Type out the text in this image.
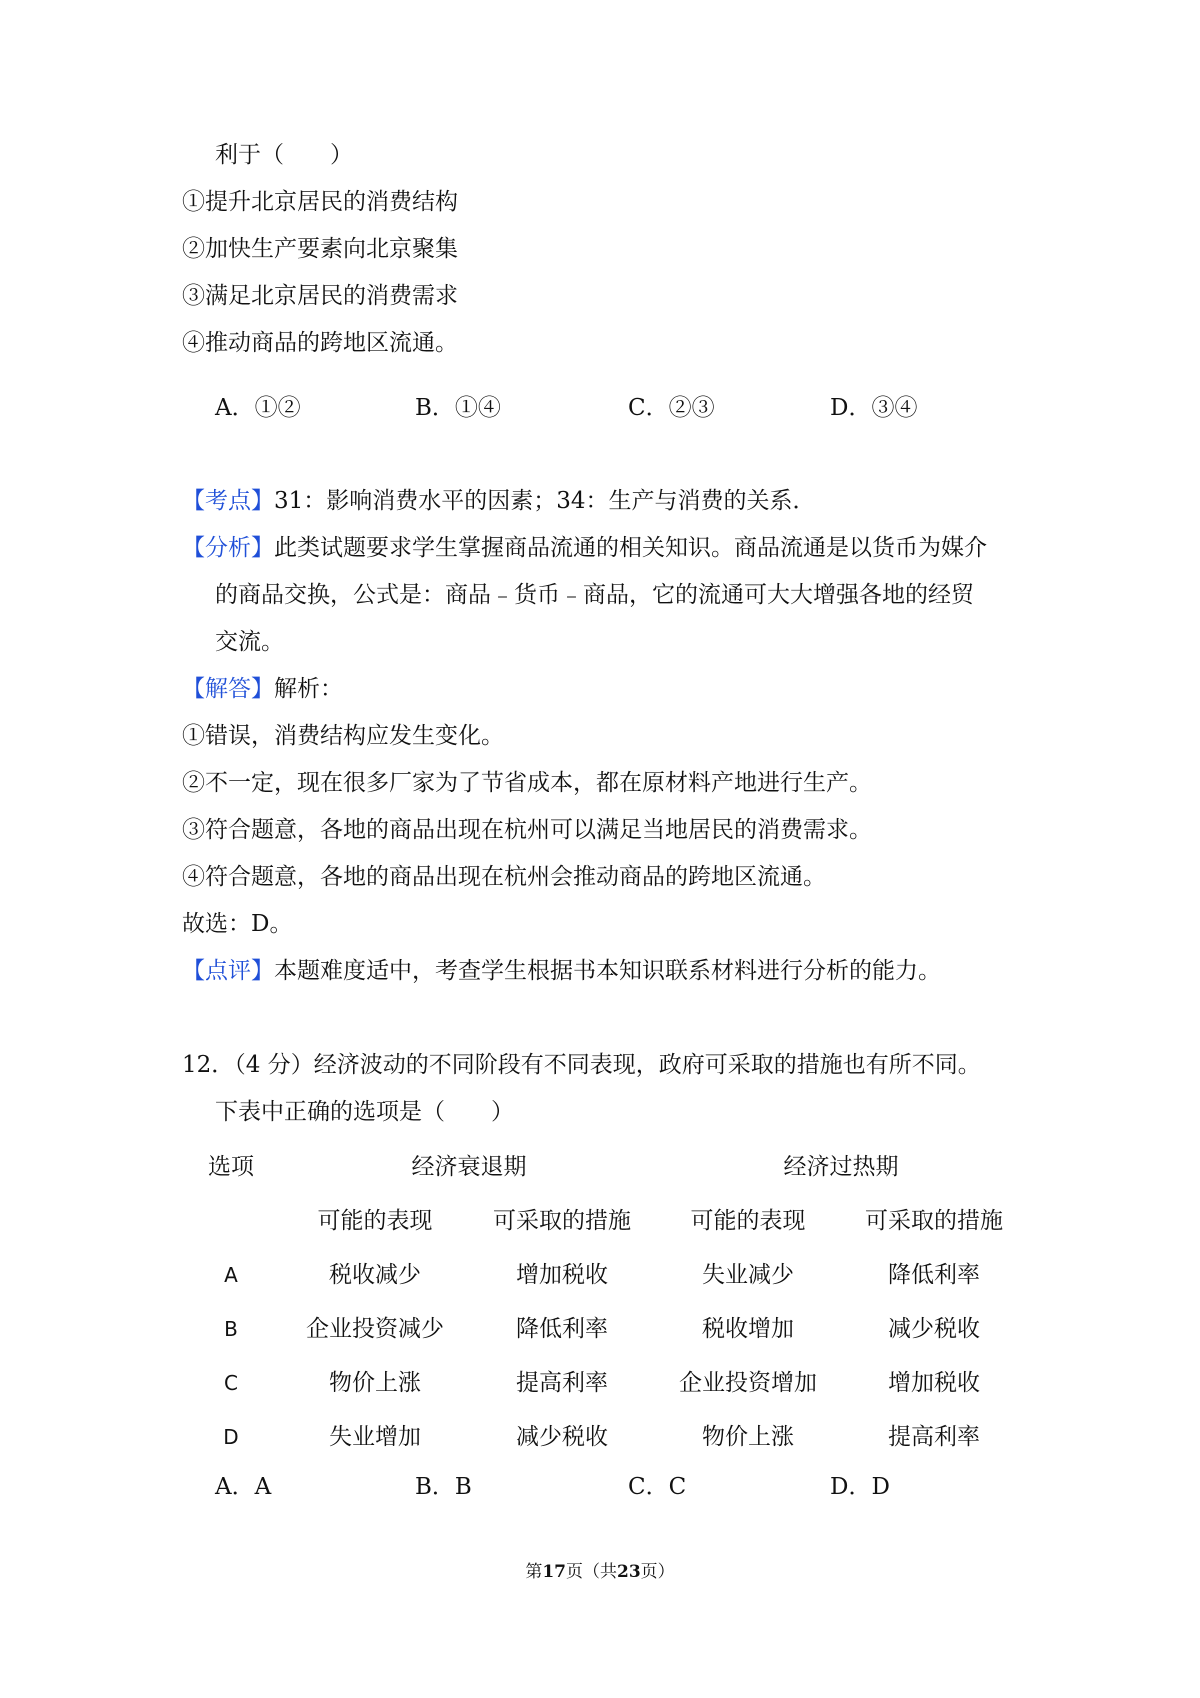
利于（　　）
①提升北京居民的消费结构
②加快生产要素向北京聚集
③满足北京居民的消费需求
④推动商品的跨地区流通。
A．①②	B．①④	C．②③	D．③④
【考点】31：影响消费水平的因素；34：生产与消费的关系．
【分析】此类试题要求学生掌握商品流通的相关知识。商品流通是以货币为媒介
的商品交换，公式是：商品﹣货币﹣商品，它的流通可大大增强各地的经贸
交流。
【解答】解析：
①错误，消费结构应发生变化。
②不一定，现在很多厂家为了节省成本，都在原材料产地进行生产。
③符合题意，各地的商品出现在杭州可以满足当地居民的消费需求。
④符合题意，各地的商品出现在杭州会推动商品的跨地区流通。
故选：D。
【点评】本题难度适中，考查学生根据书本知识联系材料进行分析的能力。
12．（4 分）经济波动的不同阶段有不同表现，政府可采取的措施也有所不同。
下表中正确的选项是（　　）
选项	经济衰退期	经济过热期
可能的表现	可采取的措施	可能的表现	可采取的措施
A	税收减少	增加税收	失业减少	降低利率
B	企业投资减少	降低利率	税收增加	减少税收
C	物价上涨	提高利率	企业投资增加	增加税收
D	失业增加	减少税收	物价上涨	提高利率
A．A	B．B	C．C	D．D
第17页（共23页）
